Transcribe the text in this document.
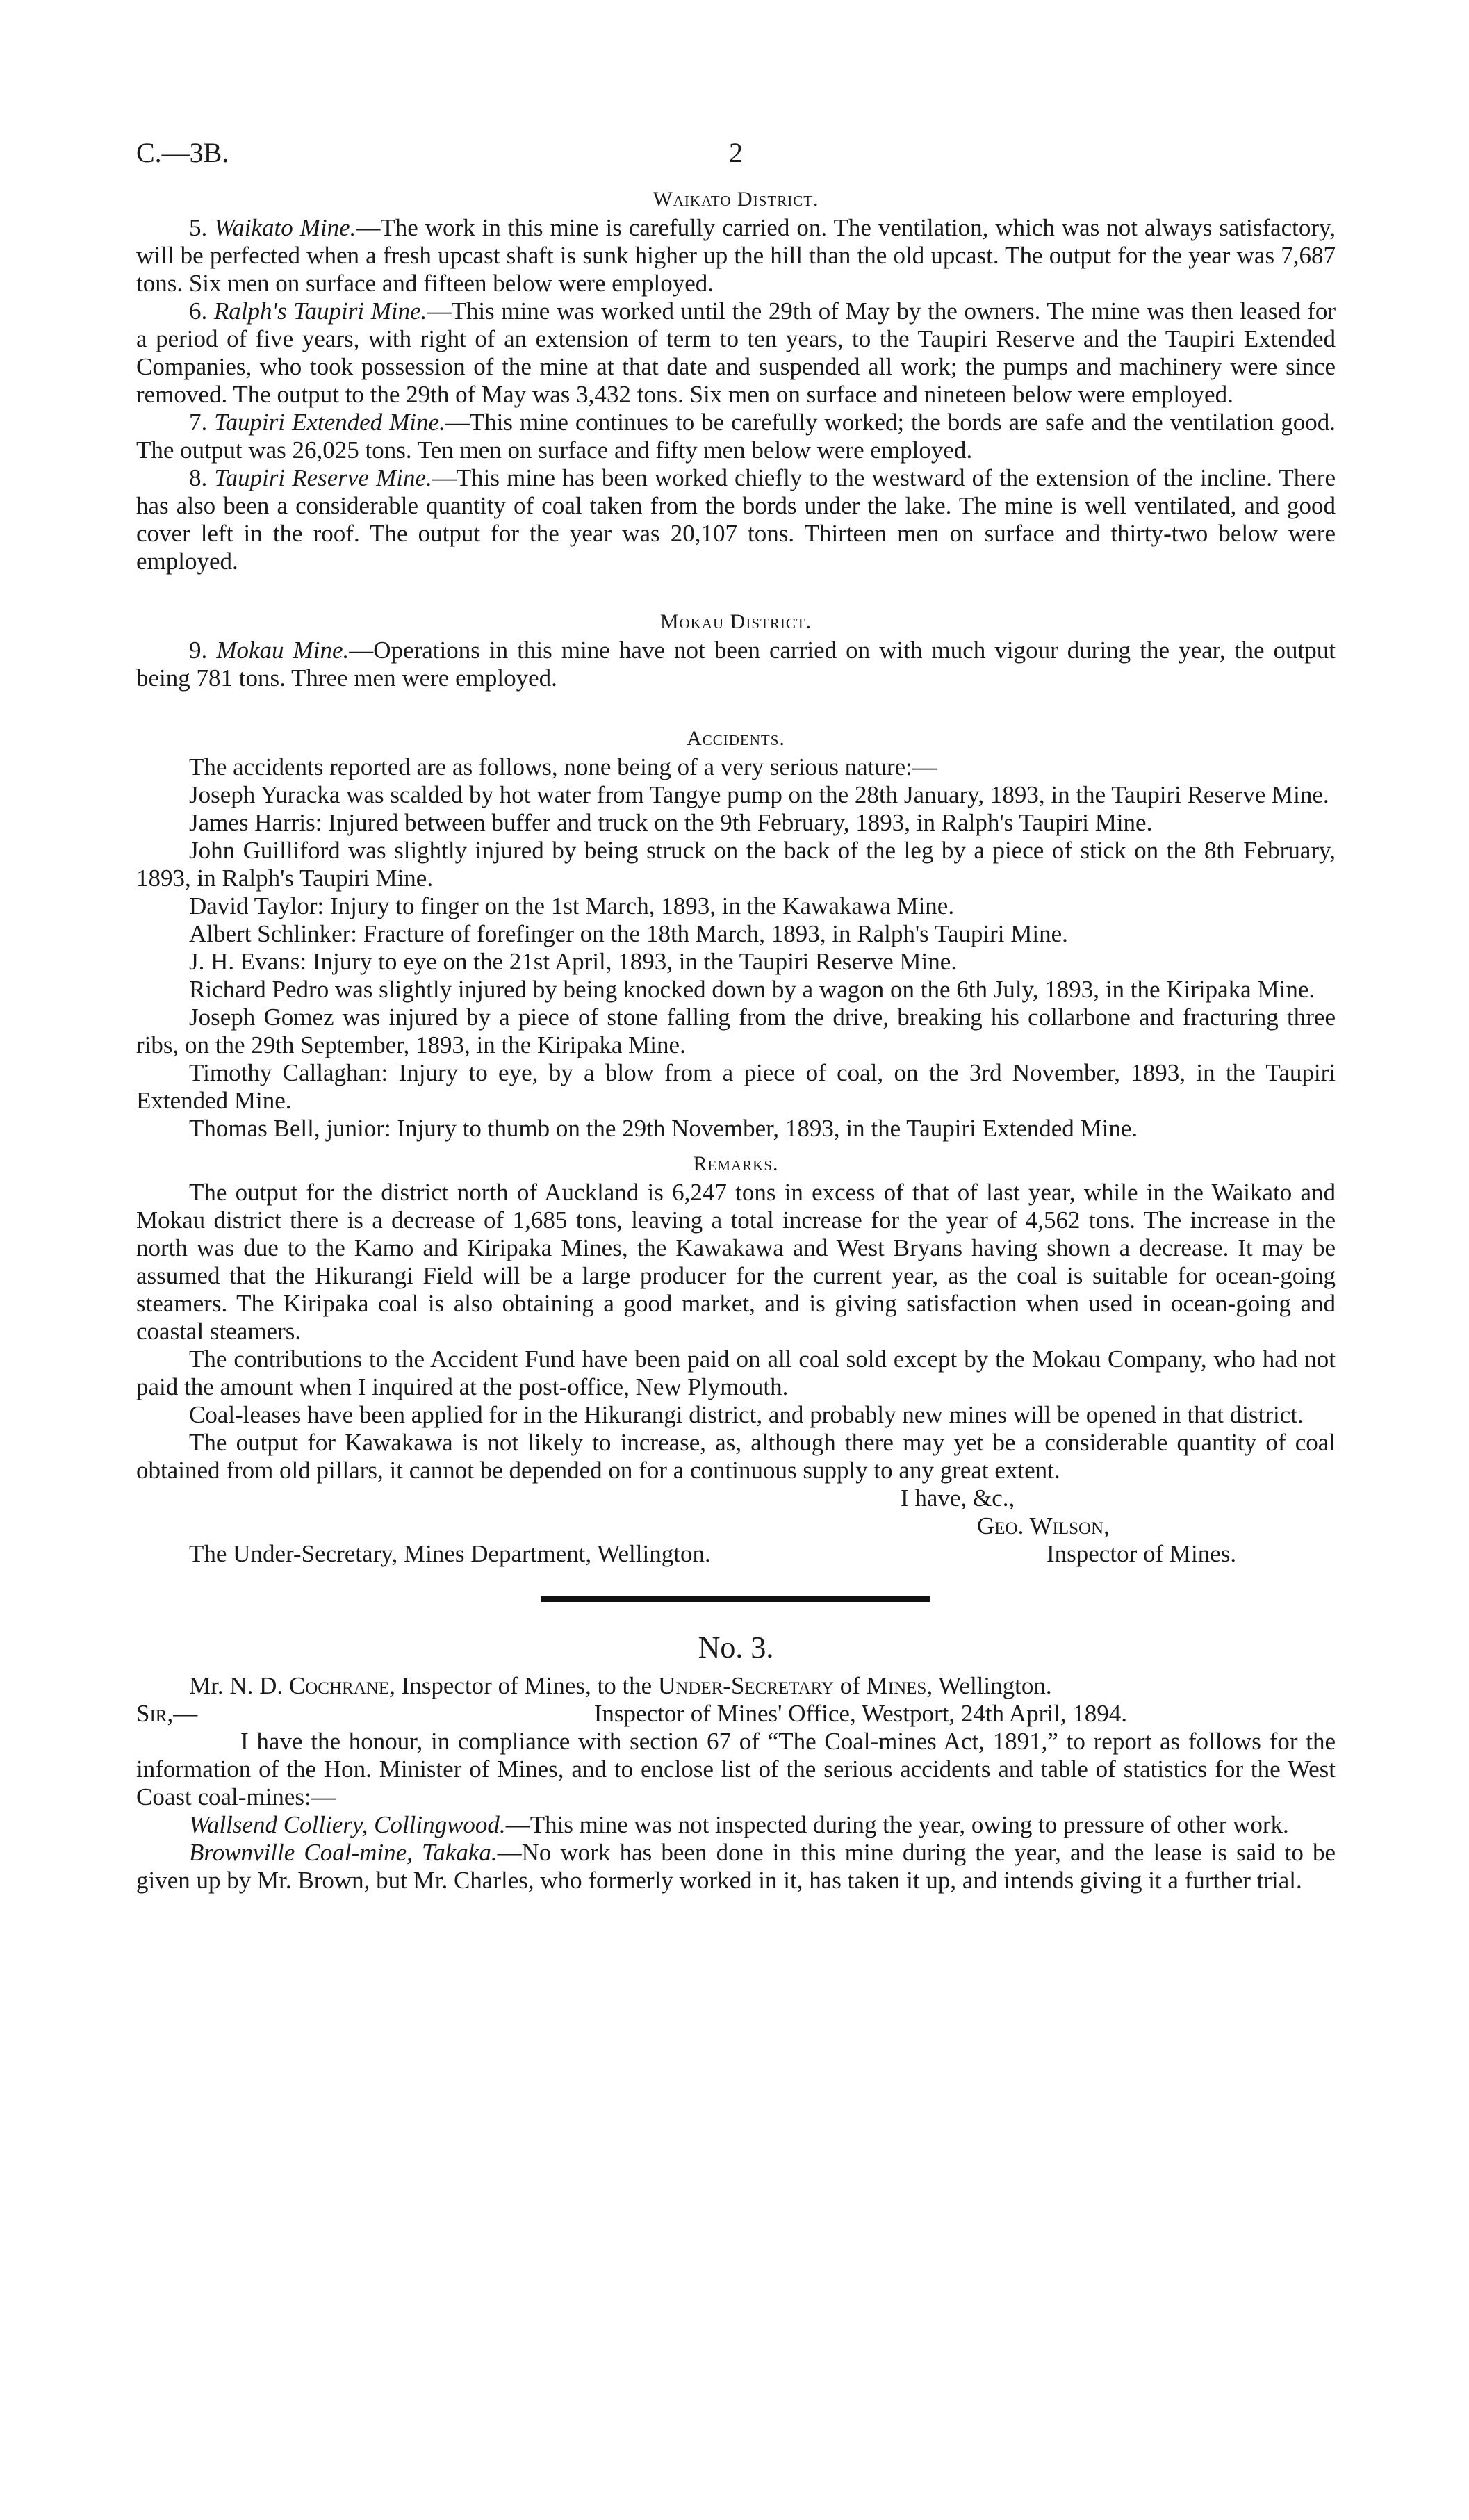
C.—3B.	2
Waikato District.

5. Waikato Mine.—The work in this mine is carefully carried on. The ventilation, which was not always satisfactory, will be perfected when a fresh upcast shaft is sunk higher up the hill than the old upcast. The output for the year was 7,687 tons. Six men on surface and fifteen below were employed.

6. Ralph's Taupiri Mine.—This mine was worked until the 29th of May by the owners. The mine was then leased for a period of five years, with right of an extension of term to ten years, to the Taupiri Reserve and the Taupiri Extended Companies, who took possession of the mine at that date and suspended all work; the pumps and machinery were since removed. The output to the 29th of May was 3,432 tons. Six men on surface and nineteen below were employed.

7. Taupiri Extended Mine.—This mine continues to be carefully worked; the bords are safe and the ventilation good. The output was 26,025 tons. Ten men on surface and fifty men below were employed.

8. Taupiri Reserve Mine.—This mine has been worked chiefly to the westward of the extension of the incline. There has also been a considerable quantity of coal taken from the bords under the lake. The mine is well ventilated, and good cover left in the roof. The output for the year was 20,107 tons. Thirteen men on surface and thirty-two below were employed.

Mokau District.

9. Mokau Mine.—Operations in this mine have not been carried on with much vigour during the year, the output being 781 tons. Three men were employed.

Accidents.

The accidents reported are as follows, none being of a very serious nature:—

Joseph Yuracka was scalded by hot water from Tangye pump on the 28th January, 1893, in the Taupiri Reserve Mine.

James Harris: Injured between buffer and truck on the 9th February, 1893, in Ralph's Taupiri Mine.

John Guilliford was slightly injured by being struck on the back of the leg by a piece of stick on the 8th February, 1893, in Ralph's Taupiri Mine.

David Taylor: Injury to finger on the 1st March, 1893, in the Kawakawa Mine.

Albert Schlinker: Fracture of forefinger on the 18th March, 1893, in Ralph's Taupiri Mine.

J. H. Evans: Injury to eye on the 21st April, 1893, in the Taupiri Reserve Mine.

Richard Pedro was slightly injured by being knocked down by a wagon on the 6th July, 1893, in the Kiripaka Mine.

Joseph Gomez was injured by a piece of stone falling from the drive, breaking his collarbone and fracturing three ribs, on the 29th September, 1893, in the Kiripaka Mine.

Timothy Callaghan: Injury to eye, by a blow from a piece of coal, on the 3rd November, 1893, in the Taupiri Extended Mine.

Thomas Bell, junior: Injury to thumb on the 29th November, 1893, in the Taupiri Extended Mine.

Remarks.

The output for the district north of Auckland is 6,247 tons in excess of that of last year, while in the Waikato and Mokau district there is a decrease of 1,685 tons, leaving a total increase for the year of 4,562 tons. The increase in the north was due to the Kamo and Kiripaka Mines, the Kawakawa and West Bryans having shown a decrease. It may be assumed that the Hikurangi Field will be a large producer for the current year, as the coal is suitable for ocean-going steamers. The Kiripaka coal is also obtaining a good market, and is giving satisfaction when used in ocean-going and coastal steamers.

The contributions to the Accident Fund have been paid on all coal sold except by the Mokau Company, who had not paid the amount when I inquired at the post-office, New Plymouth.

Coal-leases have been applied for in the Hikurangi district, and probably new mines will be opened in that district.

The output for Kawakawa is not likely to increase, as, although there may yet be a considerable quantity of coal obtained from old pillars, it cannot be depended on for a continuous supply to any great extent.

I have, &c.,
Geo. Wilson,
The Under-Secretary, Mines Department, Wellington.	Inspector of Mines.
No. 3.

Mr. N. D. Cochrane, Inspector of Mines, to the Under-Secretary of Mines, Wellington.

Sir,—	Inspector of Mines' Office, Westport, 24th April, 1894.

I have the honour, in compliance with section 67 of “The Coal-mines Act, 1891,” to report as follows for the information of the Hon. Minister of Mines, and to enclose list of the serious accidents and table of statistics for the West Coast coal-mines:—

Wallsend Colliery, Collingwood.—This mine was not inspected during the year, owing to pressure of other work.

Brownville Coal-mine, Takaka.—No work has been done in this mine during the year, and the lease is said to be given up by Mr. Brown, but Mr. Charles, who formerly worked in it, has taken it up, and intends giving it a further trial.
